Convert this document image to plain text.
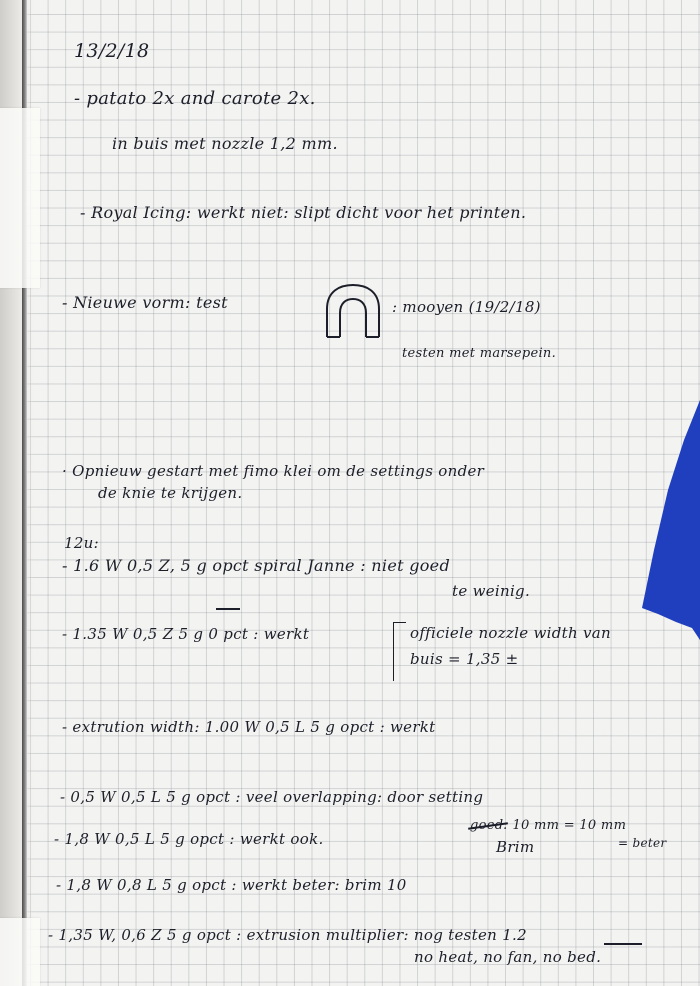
13/2/18
- patato 2x and carote 2x.
in buis met nozzle 1,2 mm.
- Royal Icing: werkt niet: slipt dicht voor het printen.
- Nieuwe vorm: test	: mooyen (19/2/18)
testen met marsepein.
· Opnieuw gestart met fimo klei om de settings onder
de knie te krijgen.
12u:
- 1.6 W 0,5 Z, 5 g opct spiral Janne : niet goed
te weinig.
- 1.35 W 0,5 Z 5 g 0 pct : werkt	officiele nozzle width van
buis = 1,35 ±
- extrution width: 1.00 W 0,5 L 5 g opct : werkt
- 0,5 W 0,5 L 5 g opct : veel overlapping: door setting
goed: 10 mm = 10 mm
= beter
Brim
- 1,8 W 0,5 L 5 g opct : werkt ook.
- 1,8 W 0,8 L 5 g opct : werkt beter: brim 10
- 1,35 W, 0,6 Z 5 g opct : extrusion multiplier: nog testen 1.2
no heat, no fan, no bed.
